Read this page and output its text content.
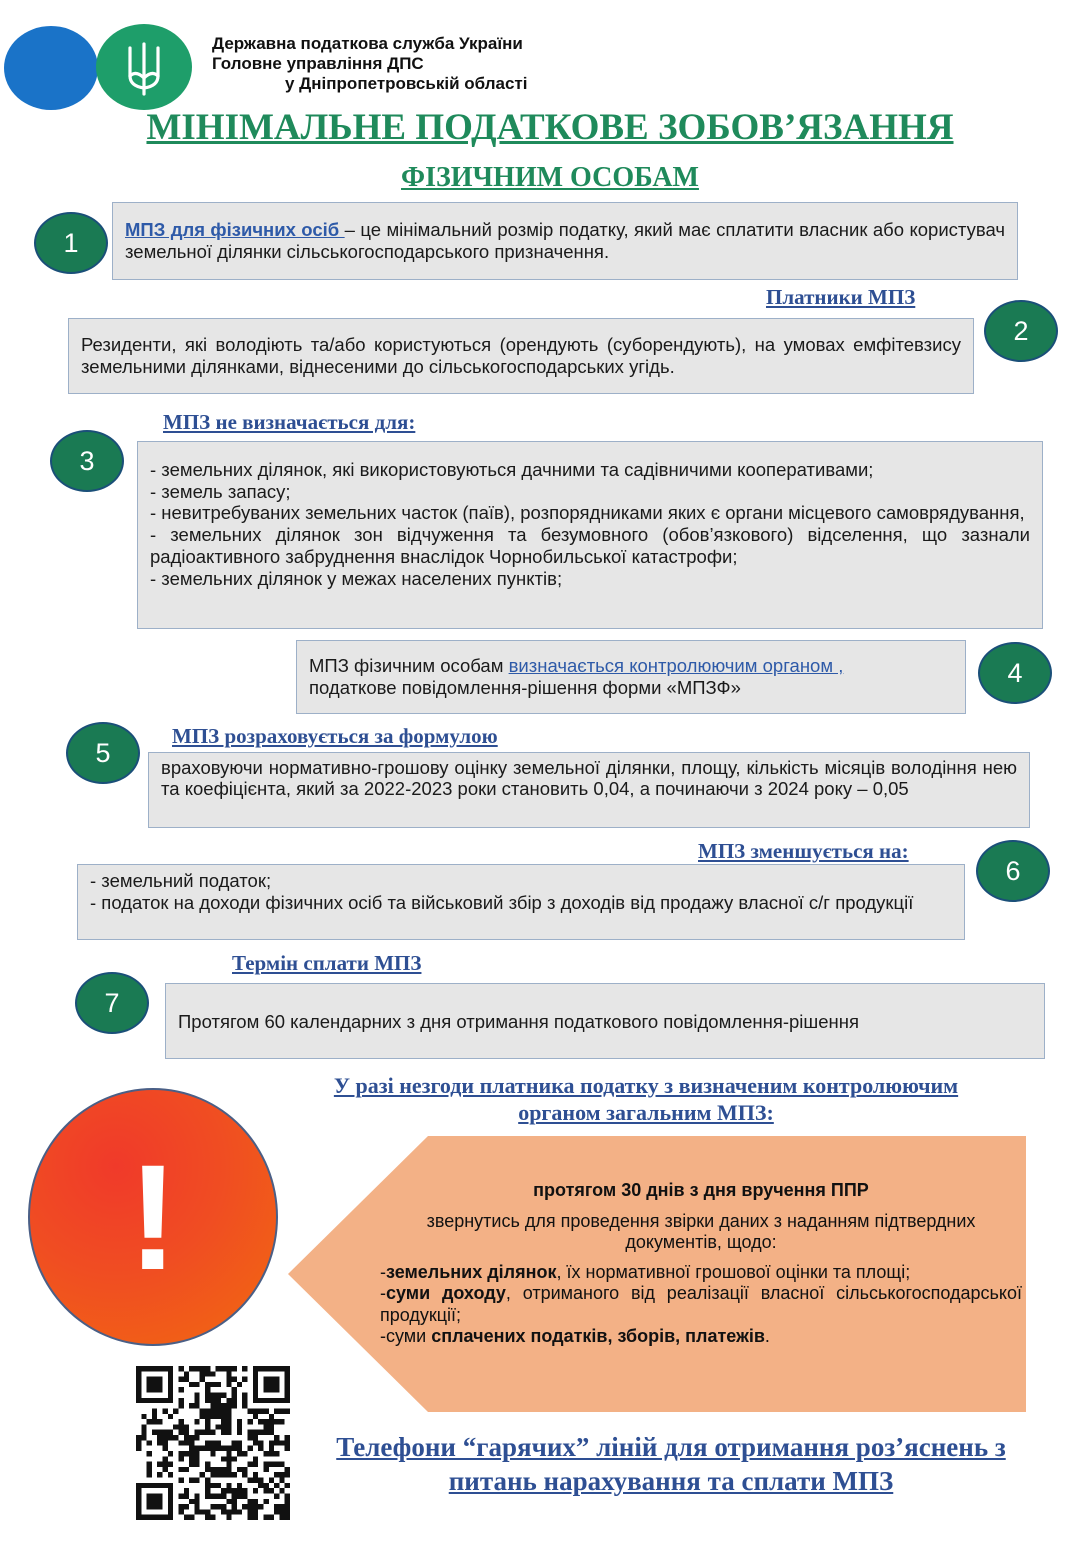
Державна податкова служба України
Головне управління ДПС
у Дніпропетровській області
МІНІМАЛЬНЕ ПОДАТКОВЕ ЗОБОВ’ЯЗАННЯ
ФІЗИЧНИМ ОСОБАМ
1	МПЗ для фізичних осіб – це мінімальний розмір податку, який має сплатити власник або користувач земельної ділянки сільськогосподарського призначення.

Платники МПЗ
2

Резиденти, які володіють та/або користуються (орендують (суборендують), на умовах емфітевзису земельними ділянками, віднесеними до сільськогосподарських угідь.

МПЗ не визначається для:
3	- земельних ділянок, які використовуються дачними та садівничими кооперативами;

- земель запасу;

- невитребуваних земельних часток (паїв), розпорядниками яких є органи місцевого самоврядування,

- земельних ділянок зон відчуження та безумовного (обов’язкового) відселення, що зазнали радіоактивного забруднення внаслідок Чорнобильської катастрофи;

- земельних ділянок у межах населених пунктів;

МПЗ фізичним особам визначається контролюючим органом ,

податкове повідомлення-рішення форми «МПЗФ»	4
5
МПЗ розраховується за формулою

враховуючи нормативно-грошову оцінку земельної ділянки, площу, кількість місяців володіння нею та коефіцієнта, який за 2022-2023 роки становить 0,04, а починаючи з 2024 року – 0,05

МПЗ зменшується на:
6

- земельний податок;

- податок на доходи фізичних осіб та військовий збір з доходів від продажу власної с/г продукції

Термін сплати МПЗ
7

Протягом 60 календарних з дня отримання податкового повідомлення-рішення

У разі незгоди платника податку з визначеним контролюючим
органом загальним МПЗ:
!	протягом 30 днів з дня вручення ППР
звернутись для проведення звірки даних з наданням підтвердних документів, щодо:
-земельних ділянок, їх нормативної грошової оцінки та площі;
-суми доходу, отриманого від реалізації власної сільськогосподарської продукції;
-суми сплачених податків, зборів, платежів.
Телефони “гарячих” ліній для отримання роз’яснень з
питань нарахування та сплати МПЗ
